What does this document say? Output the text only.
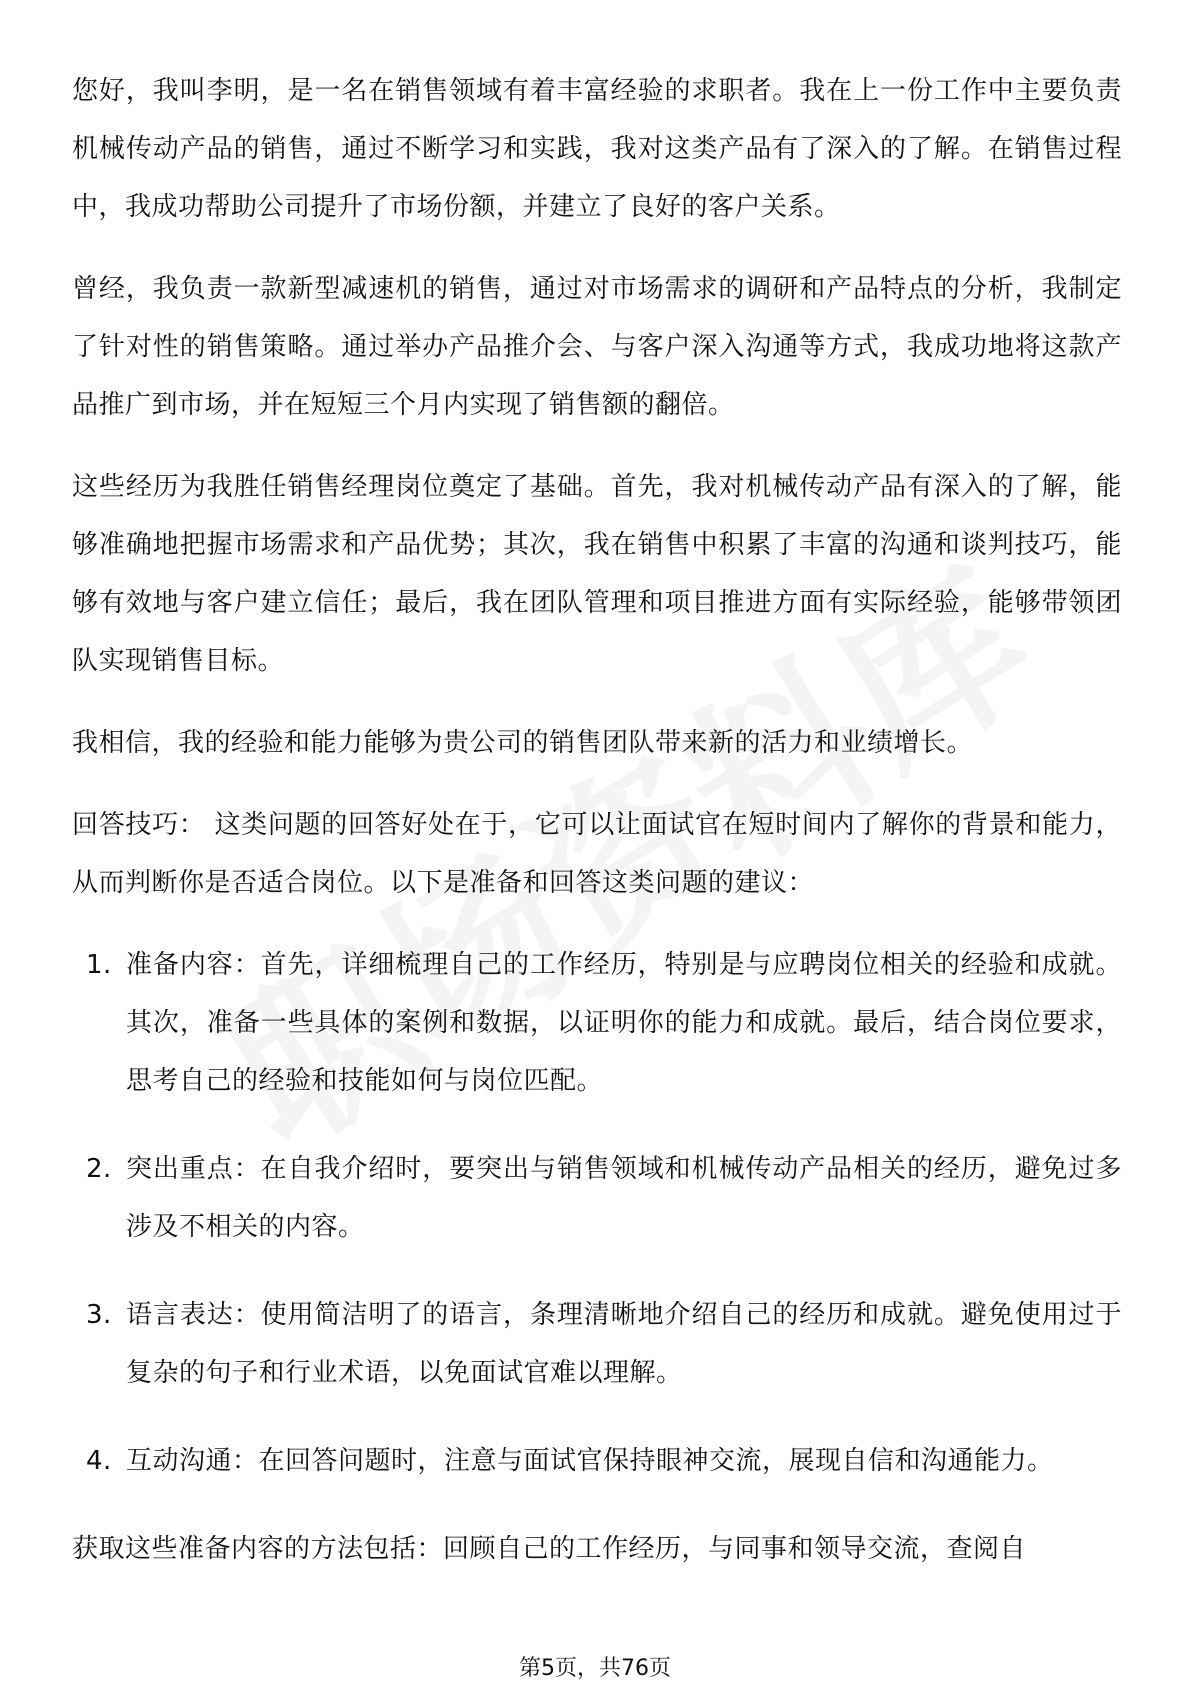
您好，我叫李明，是一名在销售领域有着丰富经验的求职者。我在上一份工作中主要负责机械传动产品的销售，通过不断学习和实践，我对这类产品有了深入的了解。在销售过程中，我成功帮助公司提升了市场份额，并建立了良好的客户关系。

曾经，我负责一款新型减速机的销售，通过对市场需求的调研和产品特点的分析，我制定了针对性的销售策略。通过举办产品推介会、与客户深入沟通等方式，我成功地将这款产品推广到市场，并在短短三个月内实现了销售额的翻倍。

这些经历为我胜任销售经理岗位奠定了基础。首先，我对机械传动产品有深入的了解，能够准确地把握市场需求和产品优势；其次，我在销售中积累了丰富的沟通和谈判技巧，能够有效地与客户建立信任；最后，我在团队管理和项目推进方面有实际经验，能够带领团队实现销售目标。

我相信，我的经验和能力能够为贵公司的销售团队带来新的活力和业绩增长。

回答技巧： 这类问题的回答好处在于，它可以让面试官在短时间内了解你的背景和能力，从而判断你是否适合岗位。以下是准备和回答这类问题的建议：

1. 准备内容：首先，详细梳理自己的工作经历，特别是与应聘岗位相关的经验和成就。其次，准备一些具体的案例和数据，以证明你的能力和成就。最后，结合岗位要求，思考自己的经验和技能如何与岗位匹配。
2. 突出重点：在自我介绍时，要突出与销售领域和机械传动产品相关的经历，避免过多涉及不相关的内容。
3. 语言表达：使用简洁明了的语言，条理清晰地介绍自己的经历和成就。避免使用过于复杂的句子和行业术语，以免面试官难以理解。
4. 互动沟通：在回答问题时，注意与面试官保持眼神交流，展现自信和沟通能力。

获取这些准备内容的方法包括：回顾自己的工作经历，与同事和领导交流，查阅自

第5页，共76页
